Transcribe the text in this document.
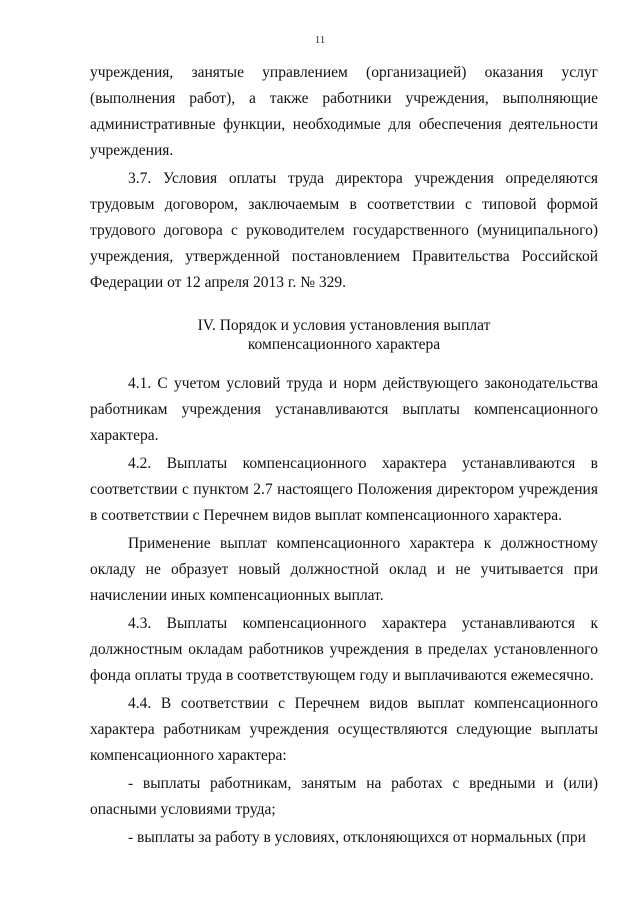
11

учреждения, занятые управлением (организацией) оказания услуг (выполнения работ), а также работники учреждения, выполняющие административные функции, необходимые для обеспечения деятельности учреждения.

3.7. Условия оплаты труда директора учреждения определяются трудовым договором, заключаемым в соответствии с типовой формой трудового договора с руководителем государственного (муниципального) учреждения, утвержденной постановлением Правительства Российской Федерации от 12 апреля 2013 г. № 329.

IV. Порядок и условия установления выплат
компенсационного характера

4.1. С учетом условий труда и норм действующего законодательства работникам учреждения устанавливаются выплаты компенсационного характера.

4.2. Выплаты компенсационного характера устанавливаются в соответствии с пунктом 2.7 настоящего Положения директором учреждения в соответствии с Перечнем видов выплат компенсационного характера.

Применение выплат компенсационного характера к должностному окладу не образует новый должностной оклад и не учитывается при начислении иных компенсационных выплат.

4.3. Выплаты компенсационного характера устанавливаются к должностным окладам работников учреждения в пределах установленного фонда оплаты труда в соответствующем году и выплачиваются ежемесячно.

4.4. В соответствии с Перечнем видов выплат компенсационного характера работникам учреждения осуществляются следующие выплаты компенсационного характера:

- выплаты работникам, занятым на работах с вредными и (или) опасными условиями труда;

- выплаты за работу в условиях, отклоняющихся от нормальных (при
